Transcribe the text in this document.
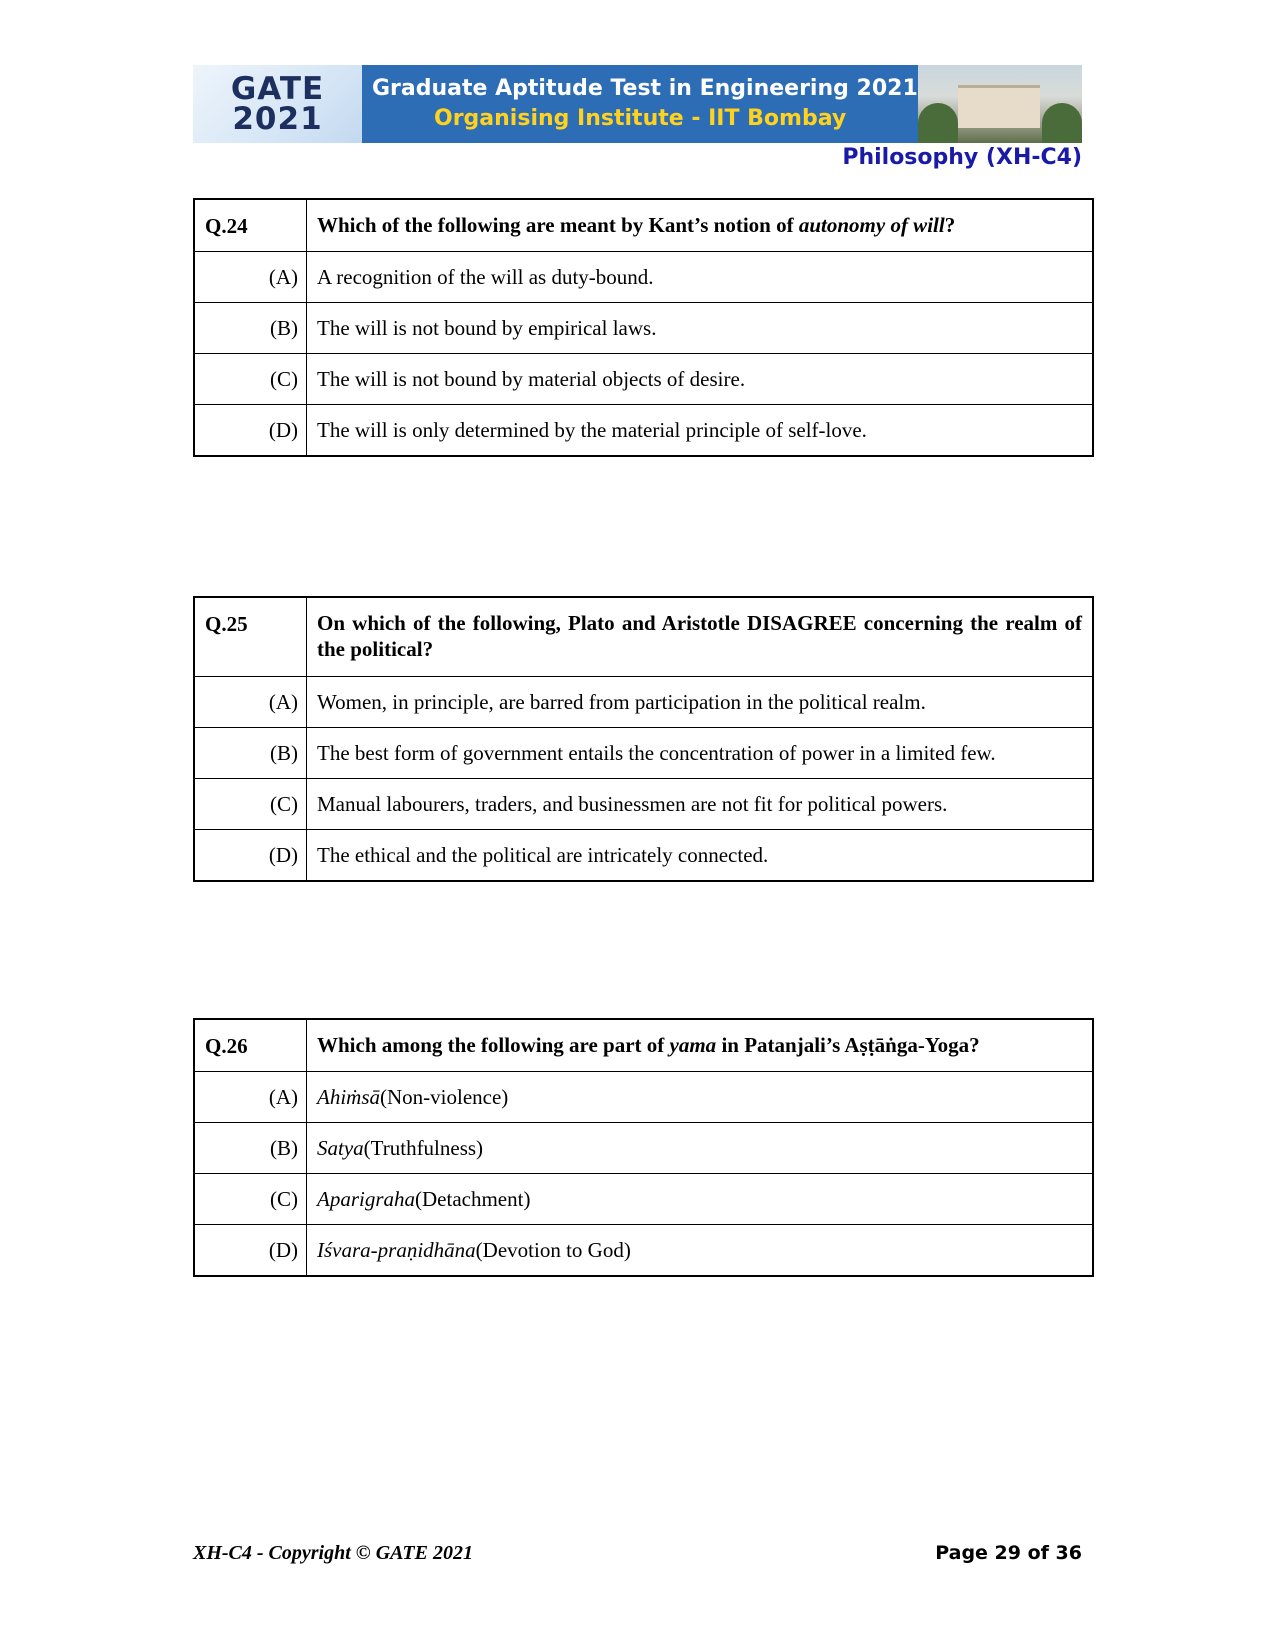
GATE
2021
Graduate Aptitude Test in Engineering 2021
Organising Institute - IIT Bombay
Philosophy (XH-C4)
Q.24	Which of the following are meant by Kant’s notion of autonomy of will?
(A) A recognition of the will as duty-bound.
(B) The will is not bound by empirical laws.
(C) The will is not bound by material objects of desire.
(D) The will is only determined by the material principle of self-love.
Q.25	On which of the following, Plato and Aristotle DISAGREE concerning the realm of the political?
(A) Women, in principle, are barred from participation in the political realm.
(B) The best form of government entails the concentration of power in a limited few.
(C) Manual labourers, traders, and businessmen are not fit for political powers.
(D) The ethical and the political are intricately connected.
Q.26	Which among the following are part of yama in Patanjali’s Aṣṭāṅga-Yoga?
(A) Ahiṁsā (Non-violence)
(B) Satya (Truthfulness)
(C) Aparigraha (Detachment)
(D) Iśvara-praṇidhāna (Devotion to God)
XH-C4 - Copyright © GATE 2021	Page 29 of 36
